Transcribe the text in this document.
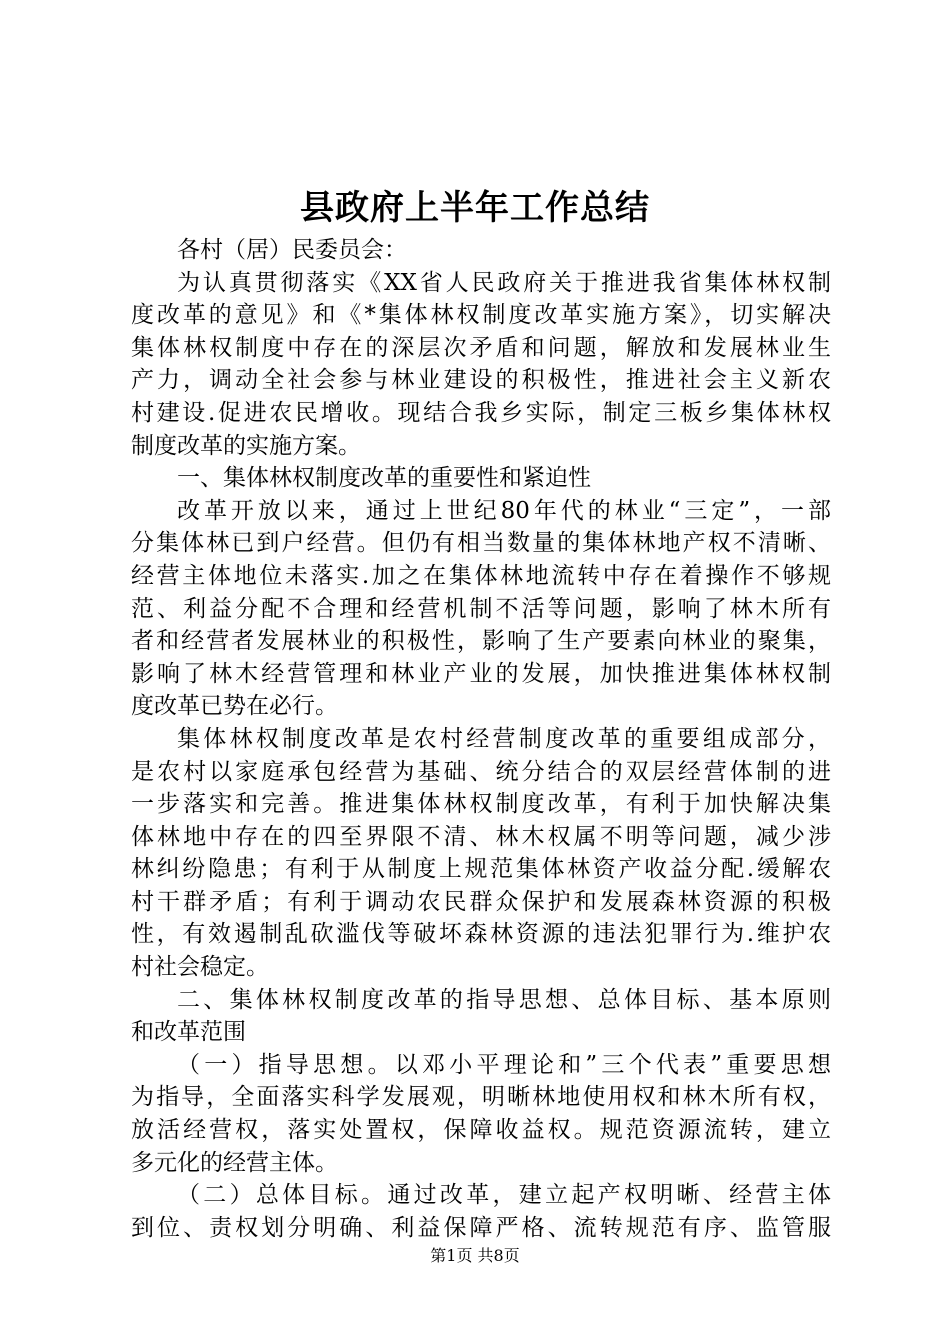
县政府上半年工作总结
各村（居）民委员会：
为认真贯彻落实《XX省人民政府关于推进我省集体林权制
度改革的意见》和《*集体林权制度改革实施方案》，切实解决
集体林权制度中存在的深层次矛盾和问题，解放和发展林业生
产力，调动全社会参与林业建设的积极性，推进社会主义新农
村建设.促进农民增收。现结合我乡实际，制定三板乡集体林权
制度改革的实施方案。
一、集体林权制度改革的重要性和紧迫性
改革开放以来，通过上世纪80年代的林业“三定”，一部
分集体林已到户经营。但仍有相当数量的集体林地产权不清晰、
经营主体地位未落实.加之在集体林地流转中存在着操作不够规
范、利益分配不合理和经营机制不活等问题，影响了林木所有
者和经营者发展林业的积极性，影响了生产要素向林业的聚集，
影响了林木经营管理和林业产业的发展，加快推进集体林权制
度改革已势在必行。
集体林权制度改革是农村经营制度改革的重要组成部分，
是农村以家庭承包经营为基础、统分结合的双层经营体制的进
一步落实和完善。推进集体林权制度改革，有利于加快解决集
体林地中存在的四至界限不清、林木权属不明等问题，减少涉
林纠纷隐患；有利于从制度上规范集体林资产收益分配.缓解农
村干群矛盾；有利于调动农民群众保护和发展森林资源的积极
性，有效遏制乱砍滥伐等破坏森林资源的违法犯罪行为.维护农
村社会稳定。
二、集体林权制度改革的指导思想、总体目标、基本原则
和改革范围
（一）指导思想。以邓小平理论和”三个代表”重要思想
为指导，全面落实科学发展观，明晰林地使用权和林木所有权，
放活经营权，落实处置权，保障收益权。规范资源流转，建立
多元化的经营主体。
（二）总体目标。通过改革，建立起产权明晰、经营主体
到位、责权划分明确、利益保障严格、流转规范有序、监管服
第1页 共8页
